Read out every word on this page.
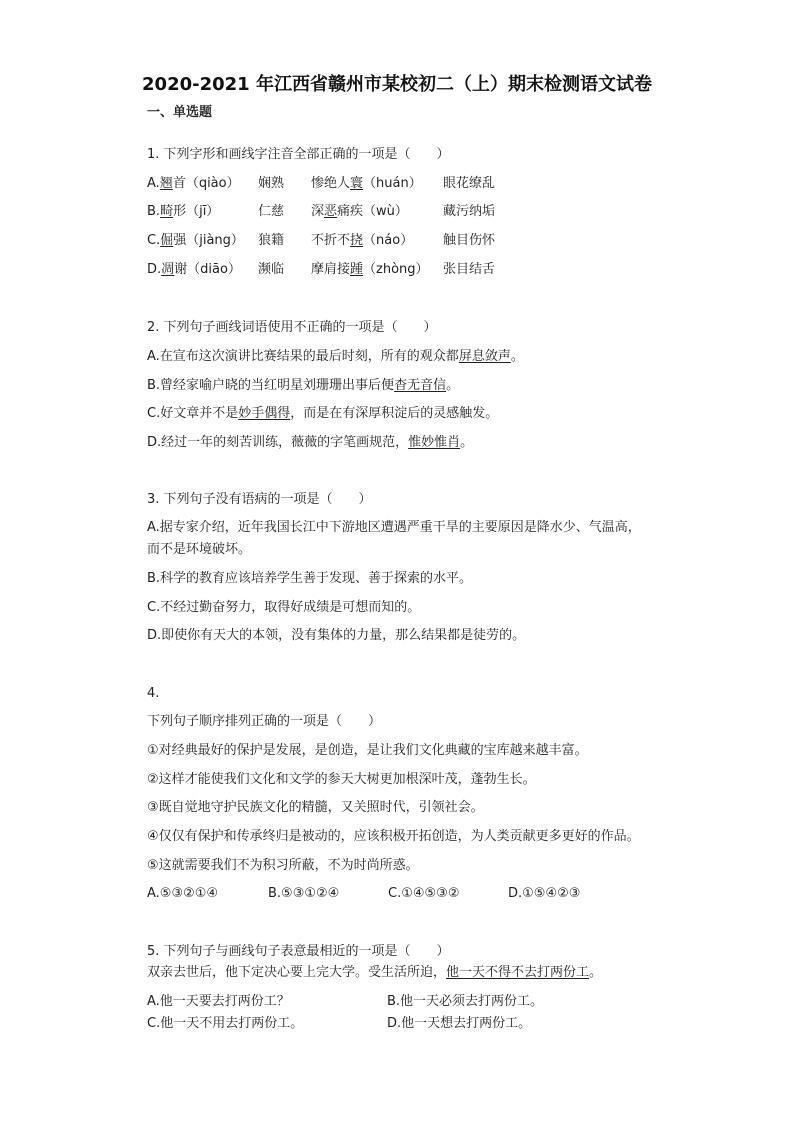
2020-2021 年江西省赣州市某校初二（上）期末检测语文试卷
一、单选题
1. 下列字形和画线字注音全部正确的一项是（　　）
A.翘首（qiào） 娴熟 惨绝人寰（huán） 眼花缭乱
B.畸形（jī）	仁慈 深恶痛疾（wù）	藏污纳垢
C.倔强（jiàng） 狼籍 不折不挠（náo） 触目伤怀
D.凋谢（diāo） 濒临 摩肩接踵（zhòng） 张目结舌
2. 下列句子画线词语使用不正确的一项是（　　）
A.在宣布这次演讲比赛结果的最后时刻，所有的观众都屏息敛声。
B.曾经家喻户晓的当红明星刘珊珊出事后便杳无音信。
C.好文章并不是妙手偶得，而是在有深厚积淀后的灵感触发。
D.经过一年的刻苦训练，薇薇的字笔画规范，惟妙惟肖。
3. 下列句子没有语病的一项是（　　）
A.据专家介绍，近年我国长江中下游地区遭遇严重干旱的主要原因是降水少、气温高，
而不是环境破坏。
B.科学的教育应该培养学生善于发现、善于探索的水平。
C.不经过勤奋努力，取得好成绩是可想而知的。
D.即使你有天大的本领，没有集体的力量，那么结果都是徒劳的。
4.
下列句子顺序排列正确的一项是（　　）
①对经典最好的保护是发展，是创造，是让我们文化典藏的宝库越来越丰富。
②这样才能使我们文化和文学的参天大树更加根深叶茂，蓬勃生长。
③既自觉地守护民族文化的精髓，又关照时代，引领社会。
④仅仅有保护和传承终归是被动的，应该积极开拓创造，为人类贡献更多更好的作品。
⑤这就需要我们不为积习所蔽，不为时尚所惑。
A.⑤③②①④	B.⑤③①②④	C.①④⑤③②	D.①⑤④②③
5. 下列句子与画线句子表意最相近的一项是（　　）
双亲去世后，他下定决心要上完大学。受生活所迫，他一天不得不去打两份工。
A.他一天要去打两份工？	B.他一天必须去打两份工。
C.他一天不用去打两份工。	D.他一天想去打两份工。
